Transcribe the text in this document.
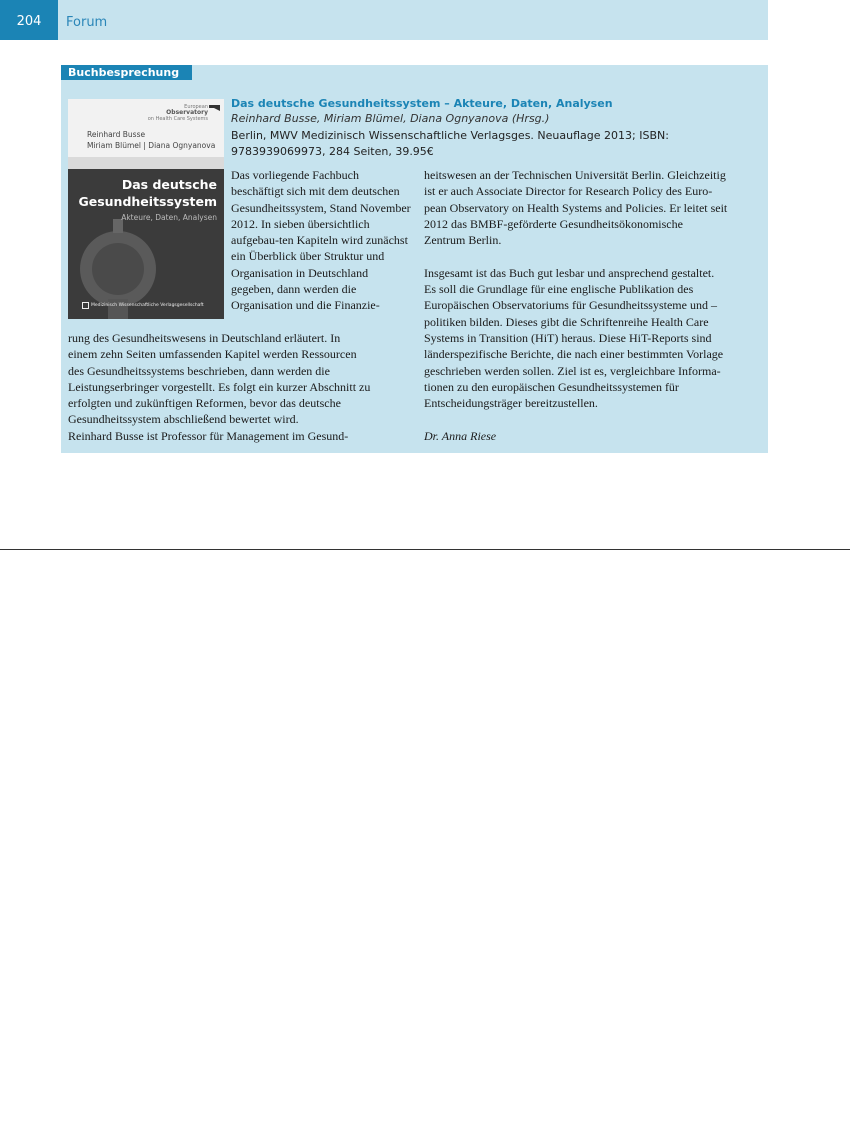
204	Forum
Buchbesprechung
European
Observatory
on Health Care Systems
Reinhard Busse
Miriam Blümel | Diana Ognyanova
Das deutsche
Gesundheitssystem
Akteure, Daten, Analysen
Medizinisch Wissenschaftliche Verlagsgesellschaft
Das deutsche Gesundheitssystem – Akteure, Daten, Analysen
Reinhard Busse, Miriam Blümel, Diana Ognyanova (Hrsg.)
Berlin, MWV Medizinisch Wissenschaftliche Verlagsges. Neuauflage 2013; ISBN: 9783939069973, 284 Seiten, 39.95€
Das vorliegende Fachbuch beschäftigt sich mit dem deutschen Gesundheitssystem, Stand November 2012. In sieben übersichtlich aufgebau-ten Kapiteln wird zunächst ein Überblick über Struktur und Organisation in Deutschland gegeben, dann werden die Organisation und die Finanzie-
rung des Gesundheitswesens in Deutschland erläutert. In
einem zehn Seiten umfassenden Kapitel werden Ressourcen
des Gesundheitssystems beschrieben, dann werden die
Leistungserbringer vorgestellt. Es folgt ein kurzer Abschnitt zu
erfolgten und zukünftigen Reformen, bevor das deutsche
Gesundheitssystem abschließend bewertet wird.
Reinhard Busse ist Professor für Management im Gesund-
heitswesen an der Technischen Universität Berlin. Gleichzeitig
ist er auch Associate Director for Research Policy des Euro-
pean Observatory on Health Systems and Policies. Er leitet seit
2012 das BMBF-geförderte Gesundheitsökonomische
Zentrum Berlin.
Insgesamt ist das Buch gut lesbar und ansprechend gestaltet.
Es soll die Grundlage für eine englische Publikation des
Europäischen Observatoriums für Gesundheitssysteme und –
politiken bilden. Dieses gibt die Schriftenreihe Health Care
Systems in Transition (HiT) heraus. Diese HiT-Reports sind
länderspezifische Berichte, die nach einer bestimmten Vorlage
geschrieben werden sollen. Ziel ist es, vergleichbare Informa-
tionen zu den europäischen Gesundheitssystemen für
Entscheidungsträger bereitzustellen.
Dr. Anna Riese
